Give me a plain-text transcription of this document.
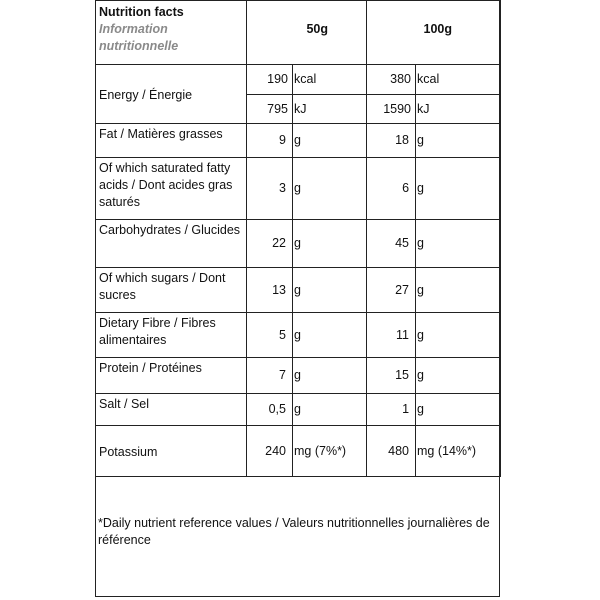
Nutrition facts
Information nutritionnelle	50g		100g	
Energy / Énergie	190	kcal	380	kcal
	795	kJ	1590	kJ
Fat / Matières grasses	9	g	18	g
Of which saturated fatty acids / Dont acides gras saturés	3	g	6	g
Carbohydrates / Glucides	22	g	45	g
Of which sugars / Dont sucres	13	g	27	g
Dietary Fibre / Fibres alimentaires	5	g	11	g
Protein / Protéines	7	g	15	g
Salt / Sel	0,5	g	1	g
Potassium	240	mg (7%*)	480	mg (14%*)
*Daily nutrient reference values / Valeurs nutritionnelles journalières de référence
